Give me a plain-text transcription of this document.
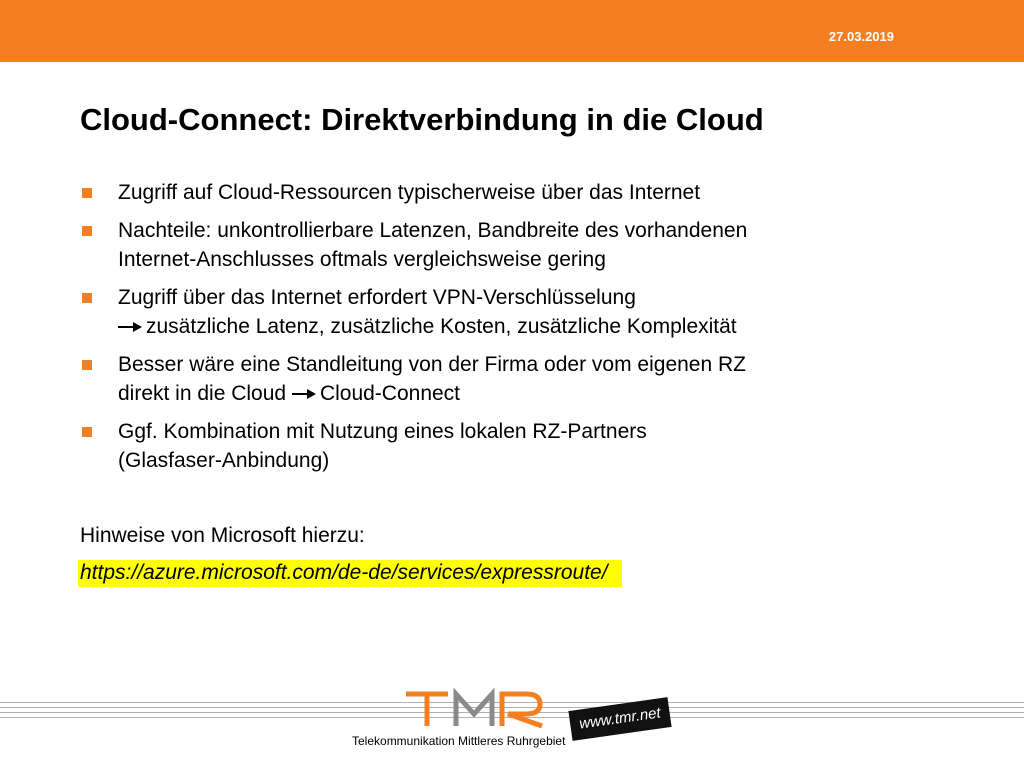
27.03.2019
Cloud-Connect: Direktverbindung in die Cloud
Zugriff auf Cloud-Ressourcen typischerweise über das Internet
Nachteile: unkontrollierbare Latenzen, Bandbreite des vorhandenen
Internet-Anschlusses oftmals vergleichsweise gering
Zugriff über das Internet erfordert VPN-Verschlüsselung
zusätzliche Latenz, zusätzliche Kosten, zusätzliche Komplexität
Besser wäre eine Standleitung von der Firma oder vom eigenen RZ
direkt in die Cloud Cloud-Connect
Ggf. Kombination mit Nutzung eines lokalen RZ-Partners
(Glasfaser-Anbindung)
Hinweise von Microsoft hierzu:
https://azure.microsoft.com/de-de/services/expressroute/
Telekommunikation Mittleres Ruhrgebiet
www.tmr.net
